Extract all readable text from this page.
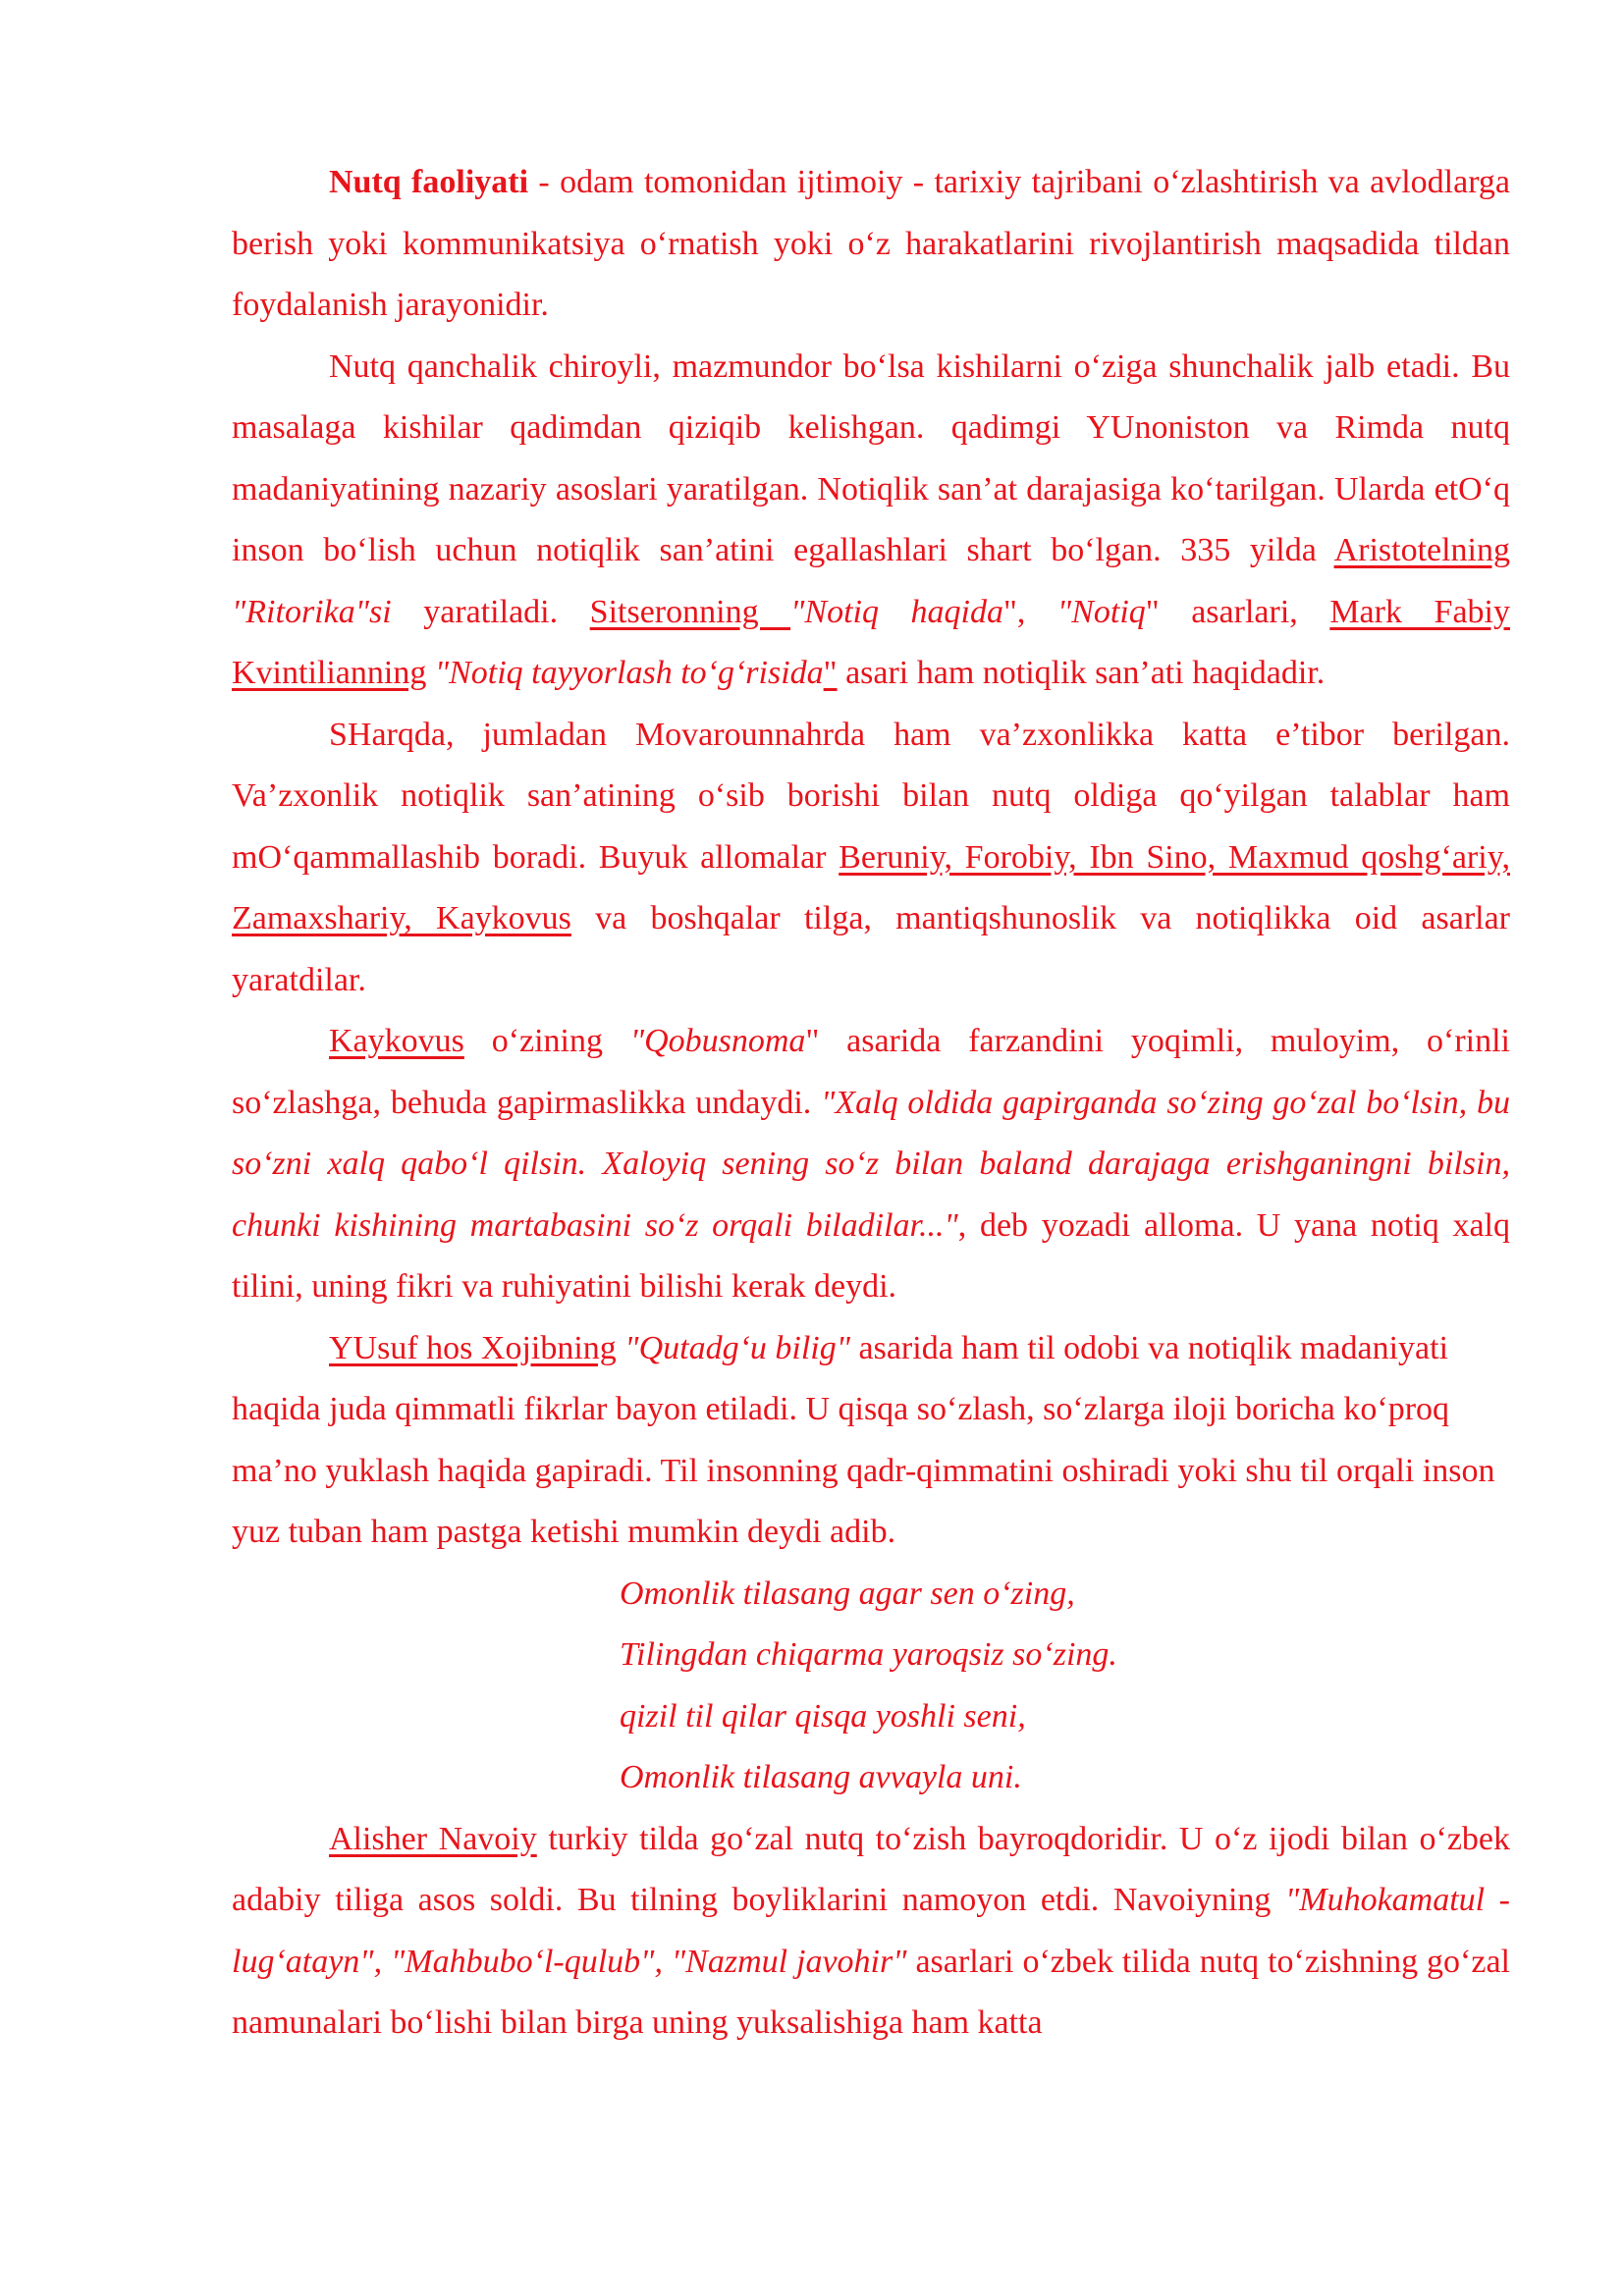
Nutq faoliyati - odam tomonidan ijtimoiy - tarixiy tajribani o‘zlashtirish va avlodlarga berish yoki kommunikatsiya o‘rnatish yoki o‘z harakatlarini rivojlantirish maqsadida tildan foydalanish jarayonidir.

Nutq qanchalik chiroyli, mazmundor bo‘lsa kishilarni o‘ziga shunchalik jalb etadi. Bu masalaga kishilar qadimdan qiziqib kelishgan. qadimgi YUnoniston va Rimda nutq madaniyatining nazariy asoslari yaratilgan. Notiqlik san’at darajasiga ko‘tarilgan. Ularda etO‘q inson bo‘lish uchun notiqlik san’atini egallashlari shart bo‘lgan. 335 yilda Aristotelning "Ritorika"si yaratiladi. Sitseronning "Notiq haqida", "Notiq" asarlari, Mark Fabiy Kvintilianning "Notiq tayyorlash to‘g‘risida" asari ham notiqlik san’ati haqidadir.

SHarqda, jumladan Movarounnahrda ham va’zxonlikka katta e’tibor berilgan. Va’zxonlik notiqlik san’atining o‘sib borishi bilan nutq oldiga qo‘yilgan talablar ham mO‘qammallashib boradi. Buyuk allomalar Beruniy, Forobiy, Ibn Sino, Maxmud qoshg‘ariy, Zamaxshariy, Kaykovus va boshqalar tilga, mantiqshunoslik va notiqlikka oid asarlar yaratdilar.

Kaykovus o‘zining "Qobusnoma" asarida farzandini yoqimli, muloyim, o‘rinli so‘zlashga, behuda gapirmaslikka undaydi. "Xalq oldida gapirganda so‘zing go‘zal bo‘lsin, bu so‘zni xalq qabo‘l qilsin. Xaloyiq sening so‘z bilan baland darajaga erishganingni bilsin, chunki kishining martabasini so‘z orqali biladilar...", deb yozadi alloma. U yana notiq xalq tilini, uning fikri va ruhiyatini bilishi kerak deydi.

YUsuf hos Xojibning "Qutadg‘u bilig" asarida ham til odobi va notiqlik madaniyati haqida juda qimmatli fikrlar bayon etiladi. U qisqa so‘zlash, so‘zlarga iloji boricha ko‘proq ma’no yuklash haqida gapiradi. Til insonning qadr-qimmatini oshiradi yoki shu til orqali inson yuz tuban ham pastga ketishi mumkin deydi adib.

Omonlik tilasang agar sen o‘zing,
Tilingdan chiqarma yaroqsiz so‘zing.
qizil til qilar qisqa yoshli seni,
Omonlik tilasang avvayla uni.

Alisher Navoiy turkiy tilda go‘zal nutq to‘zish bayroqdoridir. U o‘z ijodi bilan o‘zbek adabiy tiliga asos soldi. Bu tilning boyliklarini namoyon etdi. Navoiyning "Muhokamatul - lug‘atayn", "Mahbubo‘l-qulub", "Nazmul javohir" asarlari o‘zbek tilida nutq to‘zishning go‘zal namunalari bo‘lishi bilan birga uning yuksalishiga ham katta
